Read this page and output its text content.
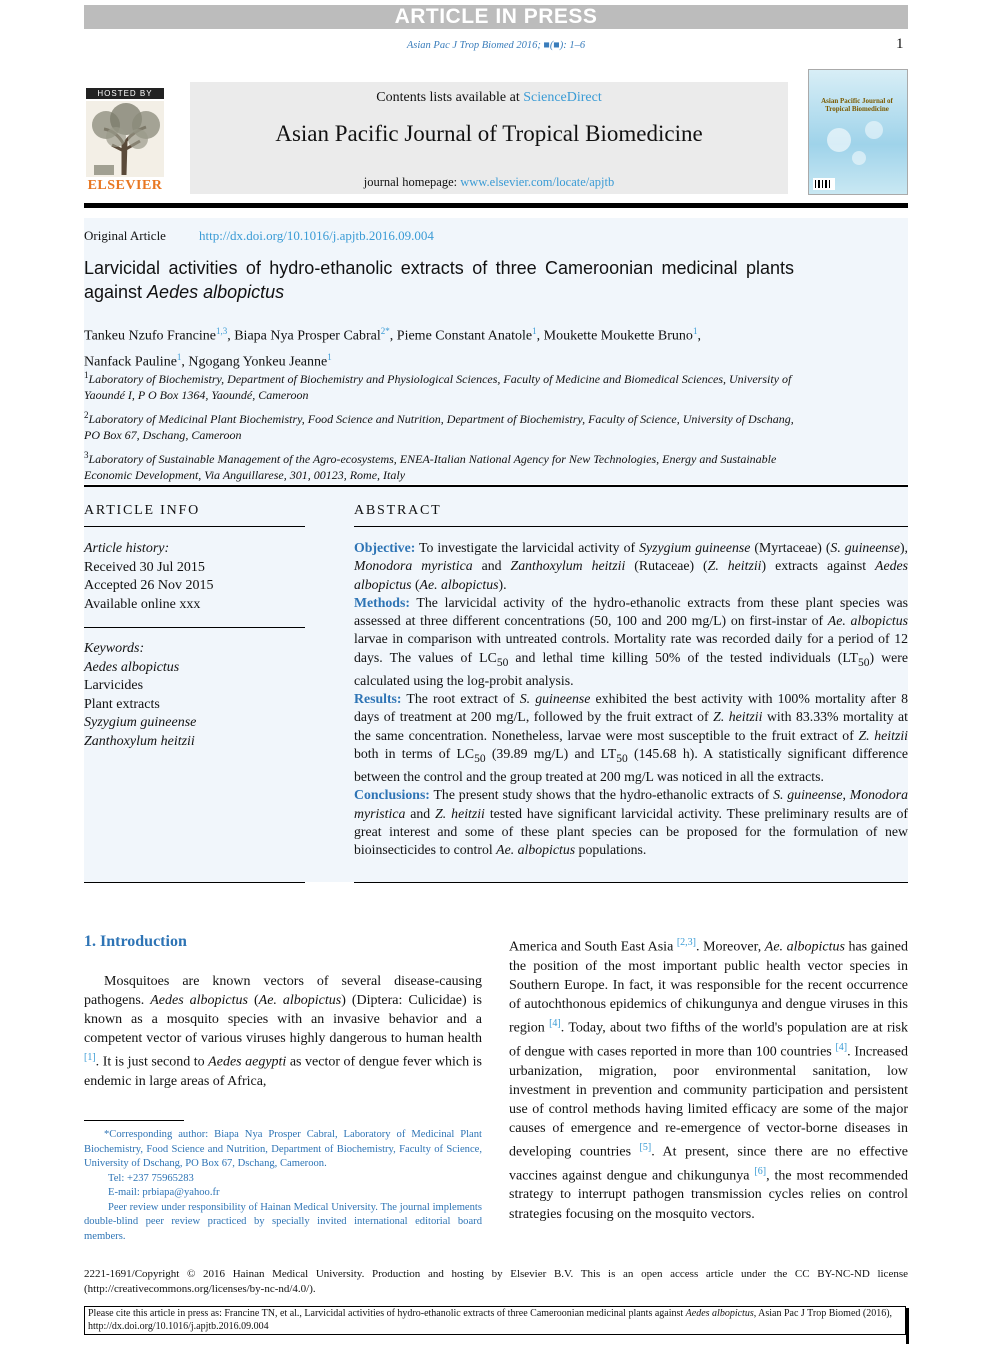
ARTICLE IN PRESS
Asian Pac J Trop Biomed 2016; ■(■): 1–6	1
HOSTED BY
ELSEVIER
Contents lists available at ScienceDirect
Asian Pacific Journal of Tropical Biomedicine
journal homepage: www.elsevier.com/locate/apjtb
Asian Pacific Journal of Tropical Biomedicine
Original Article	http://dx.doi.org/10.1016/j.apjtb.2016.09.004
Larvicidal activities of hydro-ethanolic extracts of three Cameroonian medicinal plants against Aedes albopictus
Tankeu Nzufo Francine$^{1,3}$, Biapa Nya Prosper Cabral$^{2*}$, Pieme Constant Anatole$^1$, Moukette Moukette Bruno$^1$,
Nanfack Pauline$^1$, Ngogang Yonkeu Jeanne$^1$
$^1$Laboratory of Biochemistry, Department of Biochemistry and Physiological Sciences, Faculty of Medicine and Biomedical Sciences, University of Yaoundé I, P O Box 1364, Yaoundé, Cameroon
$^2$Laboratory of Medicinal Plant Biochemistry, Food Science and Nutrition, Department of Biochemistry, Faculty of Science, University of Dschang, PO Box 67, Dschang, Cameroon
$^3$Laboratory of Sustainable Management of the Agro-ecosystems, ENEA-Italian National Agency for New Technologies, Energy and Sustainable Economic Development, Via Anguillarese, 301, 00123, Rome, Italy
ARTICLE INFO
Article history:
Received 30 Jul 2015
Accepted 26 Nov 2015
Available online xxx
Keywords:
Aedes albopictus
Larvicides
Plant extracts
Syzygium guineense
Zanthoxylum heitzii
ABSTRACT
Objective: To investigate the larvicidal activity of Syzygium guineense (Myrtaceae) (S. guineense), Monodora myristica and Zanthoxylum heitzii (Rutaceae) (Z. heitzii) extracts against Aedes albopictus (Ae. albopictus).
Methods: The larvicidal activity of the hydro-ethanolic extracts from these plant species was assessed at three different concentrations (50, 100 and 200 mg/L) on first-instar of Ae. albopictus larvae in comparison with untreated controls. Mortality rate was recorded daily for a period of 12 days. The values of $LC_{50}$ and lethal time killing 50% of the tested individuals $(LT_{50})$ were calculated using the log-probit analysis.
Results: The root extract of S. guineense exhibited the best activity with 100% mortality after 8 days of treatment at 200 mg/L, followed by the fruit extract of Z. heitzii with 83.33% mortality at the same concentration. Nonetheless, larvae were most susceptible to the fruit extract of Z. heitzii both in terms of $LC_{50}$ (39.89 mg/L) and $LT_{50}$ (145.68 h). A statistically significant difference between the control and the group treated at 200 mg/L was noticed in all the extracts.
Conclusions: The present study shows that the hydro-ethanolic extracts of S. guineense, Monodora myristica and Z. heitzii tested have significant larvicidal activity. These preliminary results are of great interest and some of these plant species can be proposed for the formulation of new bioinsecticides to control Ae. albopictus populations.
1. Introduction
Mosquitoes are known vectors of several disease-causing pathogens. Aedes albopictus (Ae. albopictus) (Diptera: Culicidae) is known as a mosquito species with an invasive behavior and a competent vector of various viruses highly dangerous to human health [1]. It is just second to Aedes aegypti as vector of dengue fever which is endemic in large areas of Africa,
America and South East Asia [2,3]. Moreover, Ae. albopictus has gained the position of the most important public health vector species in Southern Europe. In fact, it was responsible for the recent occurrence of autochthonous epidemics of chikungunya and dengue viruses in this region [4]. Today, about two fifths of the world's population are at risk of dengue with cases reported in more than 100 countries [4]. Increased urbanization, migration, poor environmental sanitation, low investment in prevention and community participation and persistent use of control methods having limited efficacy are some of the major causes of emergence and re-emergence of vector-borne diseases in developing countries [5]. At present, since there are no effective vaccines against dengue and chikungunya [6], the most recommended strategy to interrupt pathogen transmission cycles relies on control strategies focusing on the mosquito vectors.
*Corresponding author: Biapa Nya Prosper Cabral, Laboratory of Medicinal Plant Biochemistry, Food Science and Nutrition, Department of Biochemistry, Faculty of Science, University of Dschang, PO Box 67, Dschang, Cameroon.
Tel: +237 75965283
E-mail: prbiapa@yahoo.fr
Peer review under responsibility of Hainan Medical University. The journal implements double-blind peer review practiced by specially invited international editorial board members.
2221-1691/Copyright © 2016 Hainan Medical University. Production and hosting by Elsevier B.V. This is an open access article under the CC BY-NC-ND license (http://creativecommons.org/licenses/by-nc-nd/4.0/).
Please cite this article in press as: Francine TN, et al., Larvicidal activities of hydro-ethanolic extracts of three Cameroonian medicinal plants against Aedes albopictus, Asian Pac J Trop Biomed (2016), http://dx.doi.org/10.1016/j.apjtb.2016.09.004
